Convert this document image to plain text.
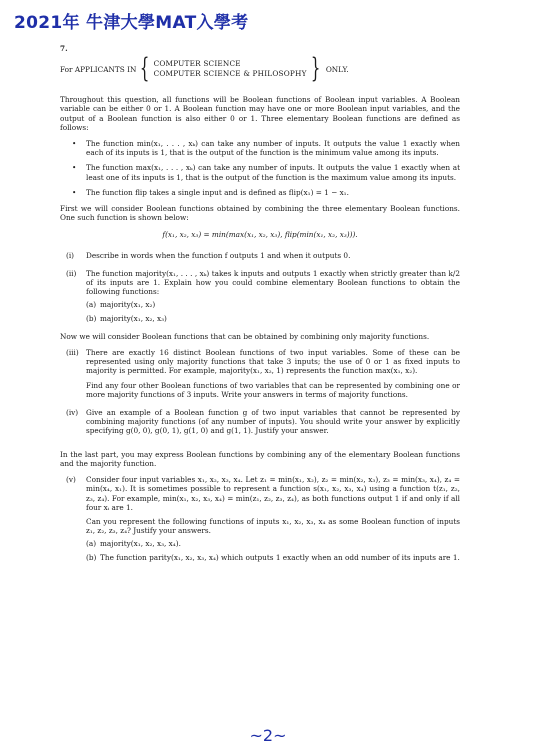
2021年 牛津大學MAT入學考

7.

For APPLICANTS IN { COMPUTER SCIENCE
COMPUTER SCIENCE & PHILOSOPHY } ONLY.

Throughout this question, all functions will be Boolean functions of Boolean input variables. A Boolean variable can be either 0 or 1. A Boolean function may have one or more Boolean input variables, and the output of a Boolean function is also either 0 or 1. Three elementary Boolean functions are defined as follows:

• The function min(x₁, . . . , xₖ) can take any number of inputs. It outputs the value 1 exactly when each of its inputs is 1, that is the output of the function is the minimum value among its inputs.
• The function max(x₁, . . . , xₖ) can take any number of inputs. It outputs the value 1 exactly when at least one of its inputs is 1, that is the output of the function is the maximum value among its inputs.
• The function flip takes a single input and is defined as flip(x₁) = 1 − x₁.

First we will consider Boolean functions obtained by combining the three elementary Boolean functions. One such function is shown below:

f(x₁, x₂, x₃) = min(max(x₁, x₂, x₃), flip(min(x₁, x₂, x₃))).

(i) Describe in words when the function f outputs 1 and when it outputs 0.

(ii) The function majority(x₁, . . . , xₖ) takes k inputs and outputs 1 exactly when strictly greater than k/2 of its inputs are 1. Explain how you could combine elementary Boolean functions to obtain the following functions:

(a) majority(x₁, x₂)
(b) majority(x₁, x₂, x₃)

Now we will consider Boolean functions that can be obtained by combining only majority functions.

(iii) There are exactly 16 distinct Boolean functions of two input variables. Some of these can be represented using only majority functions that take 3 inputs; the use of 0 or 1 as fixed inputs to majority is permitted. For example, majority(x₁, x₂, 1) represents the function max(x₁, x₂).

Find any four other Boolean functions of two variables that can be represented by combining one or more majority functions of 3 inputs. Write your answers in terms of majority functions.

(iv) Give an example of a Boolean function g of two input variables that cannot be represented by combining majority functions (of any number of inputs). You should write your answer by explicitly specifying g(0, 0), g(0, 1), g(1, 0) and g(1, 1). Justify your answer.

In the last part, you may express Boolean functions by combining any of the elementary Boolean functions and the majority function.

(v) Consider four input variables x₁, x₂, x₃, x₄. Let z₁ = min(x₁, x₂), z₂ = min(x₂, x₃), z₃ = min(x₃, x₄), z₄ = min(x₄, x₁). It is sometimes possible to represent a function s(x₁, x₂, x₃, x₄) using a function t(z₁, z₂, z₃, z₄). For example, min(x₁, x₂, x₃, x₄) = min(z₁, z₂, z₃, z₄), as both functions output 1 if and only if all four xᵢ are 1.

Can you represent the following functions of inputs x₁, x₂, x₃, x₄ as some Boolean function of inputs z₁, z₂, z₃, z₄? Justify your answers.

(a) majority(x₁, x₂, x₃, x₄).
(b) The function parity(x₁, x₂, x₃, x₄) which outputs 1 exactly when an odd number of its inputs are 1.
~2~
